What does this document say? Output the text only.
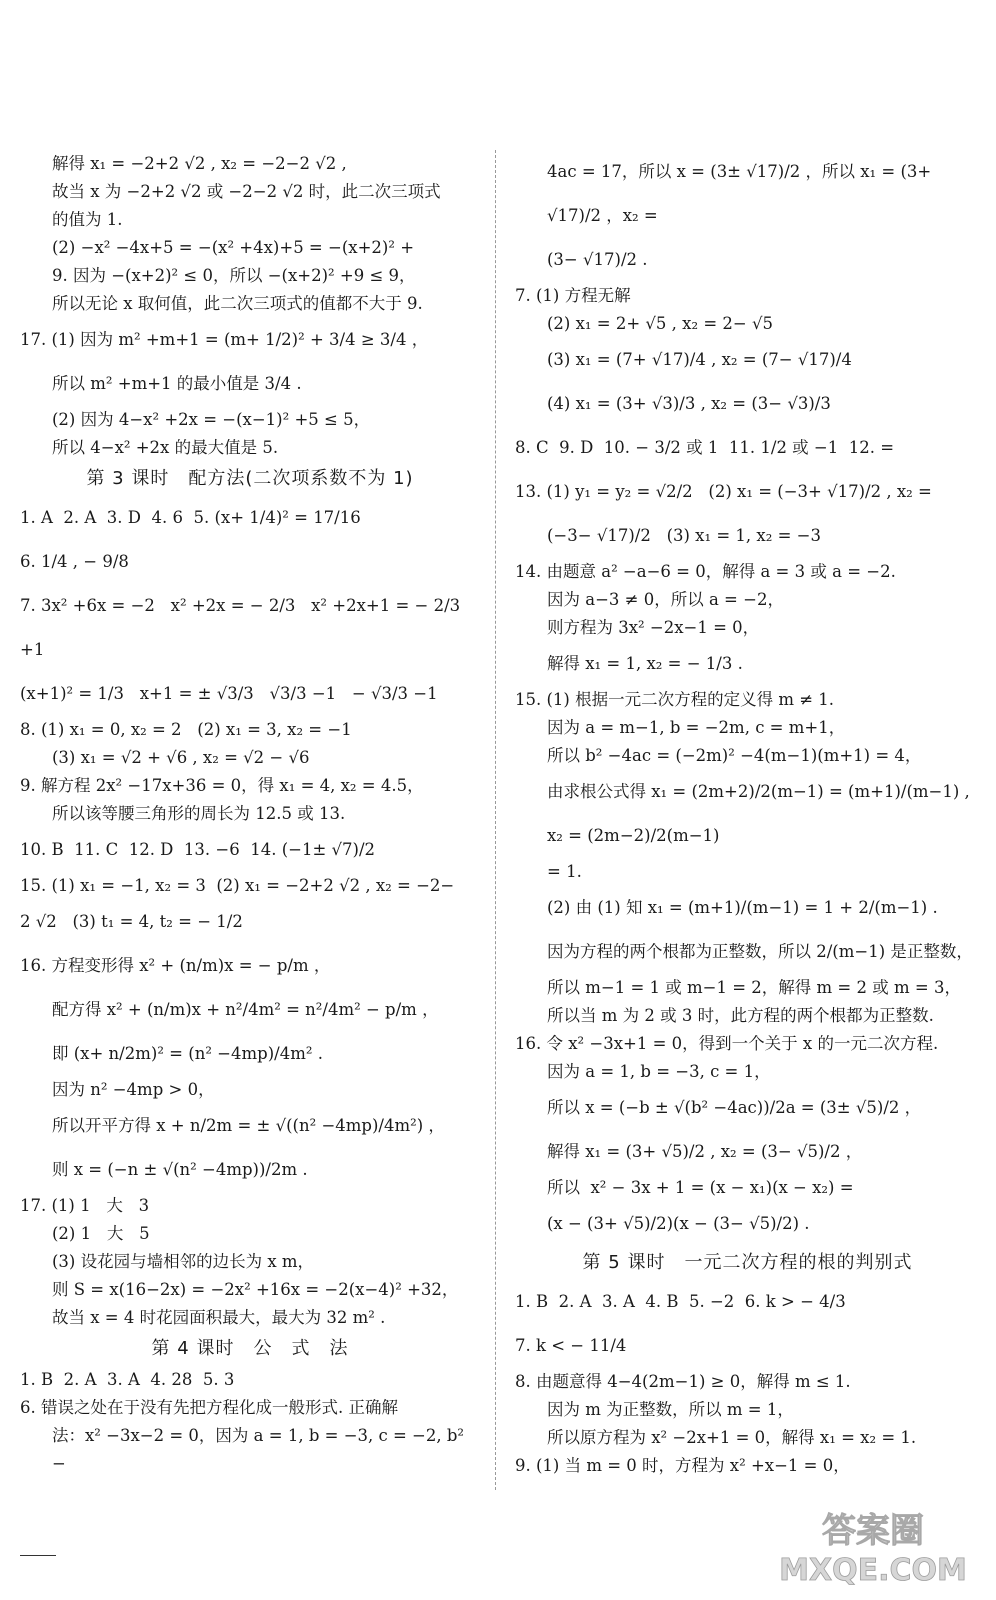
解得 x₁ = −2+2 √2 , x₂ = −2−2 √2 ,
故当 x 为 −2+2 √2 或 −2−2 √2 时，此二次三项式
的值为 1.
(2) −x² −4x+5 = −(x² +4x)+5 = −(x+2)² +
9. 因为 −(x+2)² ≤ 0，所以 −(x+2)² +9 ≤ 9，
所以无论 x 取何值，此二次三项式的值都不大于 9.
17. (1) 因为 m² +m+1 = (m+ 1/2)² + 3/4 ≥ 3/4 ，
所以 m² +m+1 的最小值是 3/4 .
(2) 因为 4−x² +2x = −(x−1)² +5 ≤ 5，
所以 4−x² +2x 的最大值是 5.
第 3 课时　配方法(二次项系数不为 1)
1. A  2. A  3. D  4. 6  5. (x+ 1/4)² = 17/16
6. 1/4 , − 9/8
7. 3x² +6x = −2   x² +2x = − 2/3   x² +2x+1 = − 2/3 +1
(x+1)² = 1/3   x+1 = ± √3/3   √3/3 −1   − √3/3 −1
8. (1) x₁ = 0, x₂ = 2   (2) x₁ = 3, x₂ = −1
(3) x₁ = √2 + √6 , x₂ = √2 − √6
9. 解方程 2x² −17x+36 = 0，得 x₁ = 4, x₂ = 4.5，
所以该等腰三角形的周长为 12.5 或 13.
10. B  11. C  12. D  13. −6  14. (−1± √7)/2
15. (1) x₁ = −1, x₂ = 3  (2) x₁ = −2+2 √2 , x₂ = −2−
2 √2   (3) t₁ = 4, t₂ = − 1/2
16. 方程变形得 x² + (n/m)x = − p/m ，
配方得 x² + (n/m)x + n²/4m² = n²/4m² − p/m ，
即 (x+ n/2m)² = (n² −4mp)/4m² .
因为 n² −4mp > 0，
所以开平方得 x + n/2m = ± √((n² −4mp)/4m²) ，
则 x = (−n ± √(n² −4mp))/2m .
17. (1) 1   大   3
(2) 1   大   5
(3) 设花园与墙相邻的边长为 x m，
则 S = x(16−2x) = −2x² +16x = −2(x−4)² +32，
故当 x = 4 时花园面积最大，最大为 32 m² .
第 4 课时　公　式　法
1. B  2. A  3. A  4. 28  5. 3
6. 错误之处在于没有先把方程化成一般形式. 正确解
法：x² −3x−2 = 0，因为 a = 1, b = −3, c = −2, b² −
4ac = 17，所以 x = (3± √17)/2 ，所以 x₁ = (3+ √17)/2 ，x₂ =
(3− √17)/2 .
7. (1) 方程无解
(2) x₁ = 2+ √5 , x₂ = 2− √5
(3) x₁ = (7+ √17)/4 , x₂ = (7− √17)/4
(4) x₁ = (3+ √3)/3 , x₂ = (3− √3)/3
8. C  9. D  10. − 3/2 或 1  11. 1/2 或 −1  12. =
13. (1) y₁ = y₂ = √2/2   (2) x₁ = (−3+ √17)/2 , x₂ =
(−3− √17)/2   (3) x₁ = 1, x₂ = −3
14. 由题意 a² −a−6 = 0，解得 a = 3 或 a = −2.
因为 a−3 ≠ 0，所以 a = −2，
则方程为 3x² −2x−1 = 0，
解得 x₁ = 1, x₂ = − 1/3 .
15. (1) 根据一元二次方程的定义得 m ≠ 1.
因为 a = m−1, b = −2m, c = m+1，
所以 b² −4ac = (−2m)² −4(m−1)(m+1) = 4，
由求根公式得 x₁ = (2m+2)/2(m−1) = (m+1)/(m−1) , x₂ = (2m−2)/2(m−1)
= 1.
(2) 由 (1) 知 x₁ = (m+1)/(m−1) = 1 + 2/(m−1) .
因为方程的两个根都为正整数，所以 2/(m−1) 是正整数，
所以 m−1 = 1 或 m−1 = 2，解得 m = 2 或 m = 3，
所以当 m 为 2 或 3 时，此方程的两个根都为正整数.
16. 令 x² −3x+1 = 0，得到一个关于 x 的一元二次方程.
因为 a = 1, b = −3, c = 1，
所以 x = (−b ± √(b² −4ac))/2a = (3± √5)/2 ，
解得 x₁ = (3+ √5)/2 , x₂ = (3− √5)/2 ，
所以  x² − 3x + 1 = (x − x₁)(x − x₂) =
(x − (3+ √5)/2)(x − (3− √5)/2) .
第 5 课时　一元二次方程的根的判别式
1. B  2. A  3. A  4. B  5. −2  6. k > − 4/3
7. k < − 11/4
8. 由题意得 4−4(2m−1) ≥ 0，解得 m ≤ 1.
因为 m 为正整数，所以 m = 1，
所以原方程为 x² −2x+1 = 0，解得 x₁ = x₂ = 1.
9. (1) 当 m = 0 时，方程为 x² +x−1 = 0，
答案圈
MXQE.COM
